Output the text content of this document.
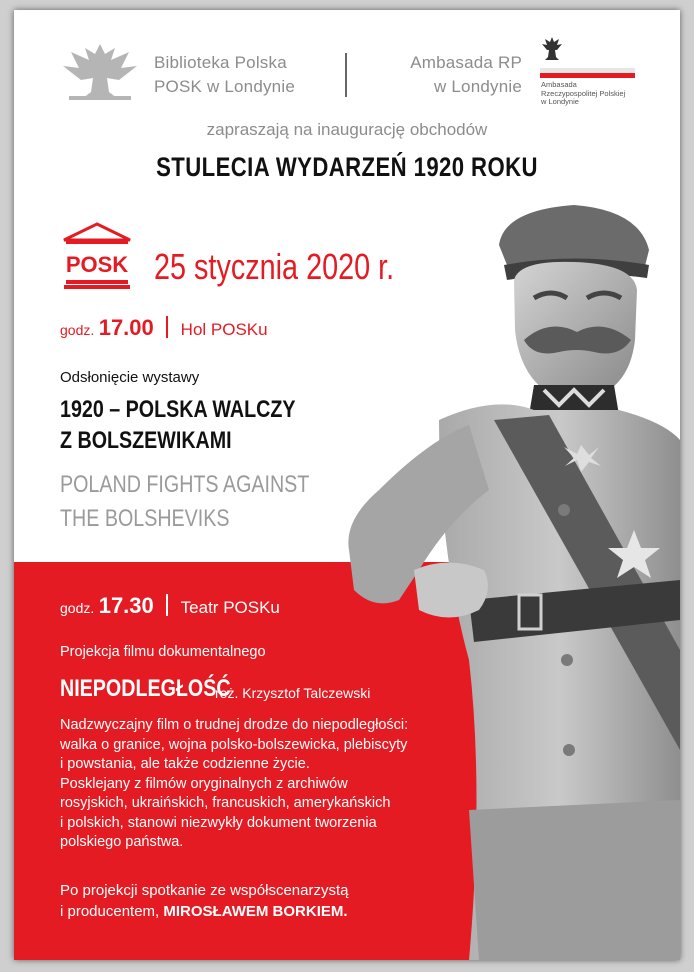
Biblioteka Polska
POSK w Londynie
Ambasada RP
w Londynie	Ambasada
Rzeczypospolitej Polskiej
w Londynie
zapraszają na inaugurację obchodów
STULECIA WYDARZEŃ 1920 ROKU
POSK 25 stycznia 2020 r.
godz. 17.00 Hol POSKu
Odsłonięcie wystawy
1920 – POLSKA WALCZY
Z BOLSZEWIKAMI
POLAND FIGHTS AGAINST
THE BOLSHEVIKS
godz. 17.30 Teatr POSKu
Projekcja filmu dokumentalnego
NIEPODLEGŁOŚĆ
reż. Krzysztof Talczewski
Nadzwyczajny film o trudnej drodze do niepodległości:
walka o granice, wojna polsko-bolszewicka, plebiscyty
i powstania, ale także codzienne życie.
Posklejany z filmów oryginalnych z archiwów
rosyjskich, ukraińskich, francuskich, amerykańskich
i polskich, stanowi niezwykły dokument tworzenia
polskiego państwa.
Po projekcji spotkanie ze współscenarzystą
i producentem, MIROSŁAWEM BORKIEM.
